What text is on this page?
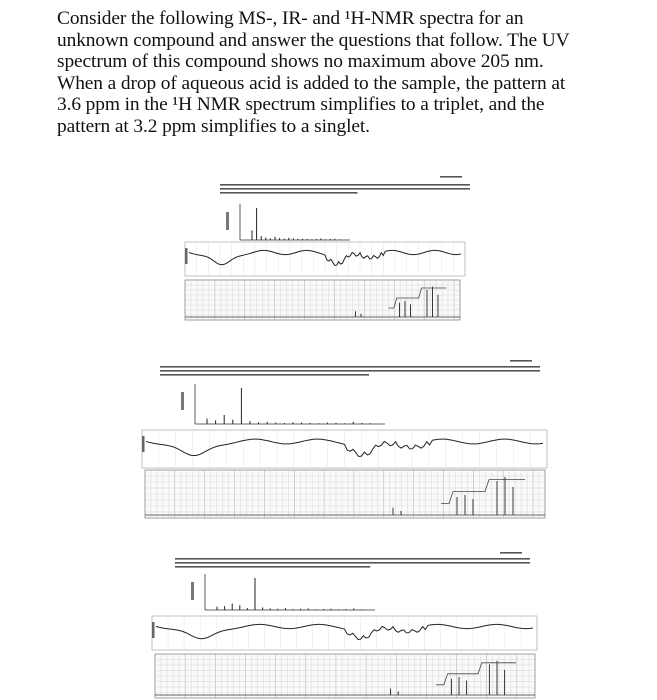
Consider the following MS-, IR- and ¹H-NMR spectra for an
unknown compound and answer the questions that follow. The UV
spectrum of this compound shows no maximum above 205 nm.
When a drop of aqueous acid is added to the sample, the pattern at
3.6 ppm in the ¹H NMR spectrum simplifies to a triplet, and the
pattern at 3.2 ppm simplifies to a singlet.
